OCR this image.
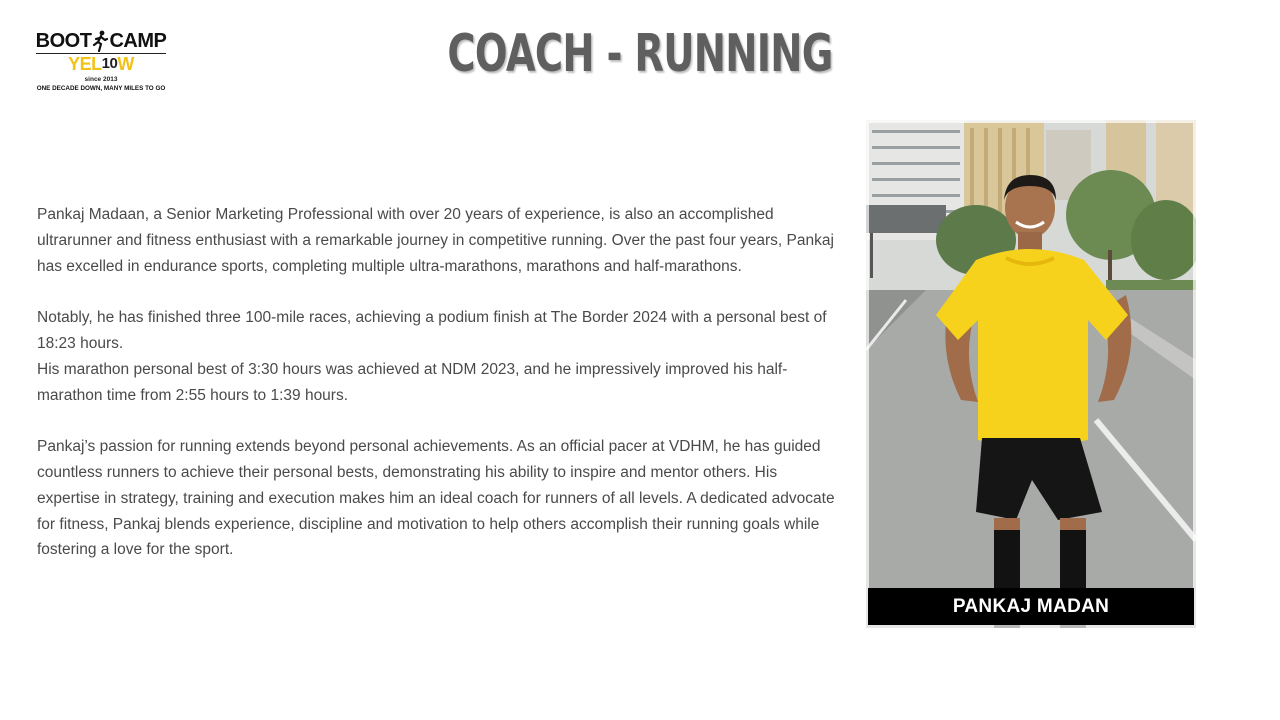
BOOT CAMP
YEL10W
since 2013
ONE DECADE DOWN, MANY MILES TO GO
COACH - RUNNING

Pankaj Madaan, a Senior Marketing Professional with over 20 years of experience, is also an accomplished ultrarunner and fitness enthusiast with a remarkable journey in competitive running. Over the past four years, Pankaj has excelled in endurance sports, completing multiple ultra-marathons, marathons and half-marathons.

Notably, he has finished three 100-mile races, achieving a podium finish at The Border 2024 with a personal best of 18:23 hours.
His marathon personal best of 3:30 hours was achieved at NDM 2023, and he impressively improved his half-marathon time from 2:55 hours to 1:39 hours.

Pankaj’s passion for running extends beyond personal achievements. As an official pacer at VDHM, he has guided countless runners to achieve their personal bests, demonstrating his ability to inspire and mentor others. His expertise in strategy, training and execution makes him an ideal coach for runners of all levels. A dedicated advocate for fitness, Pankaj blends experience, discipline and motivation to help others accomplish their running goals while fostering a love for the sport.

PANKAJ MADAN
